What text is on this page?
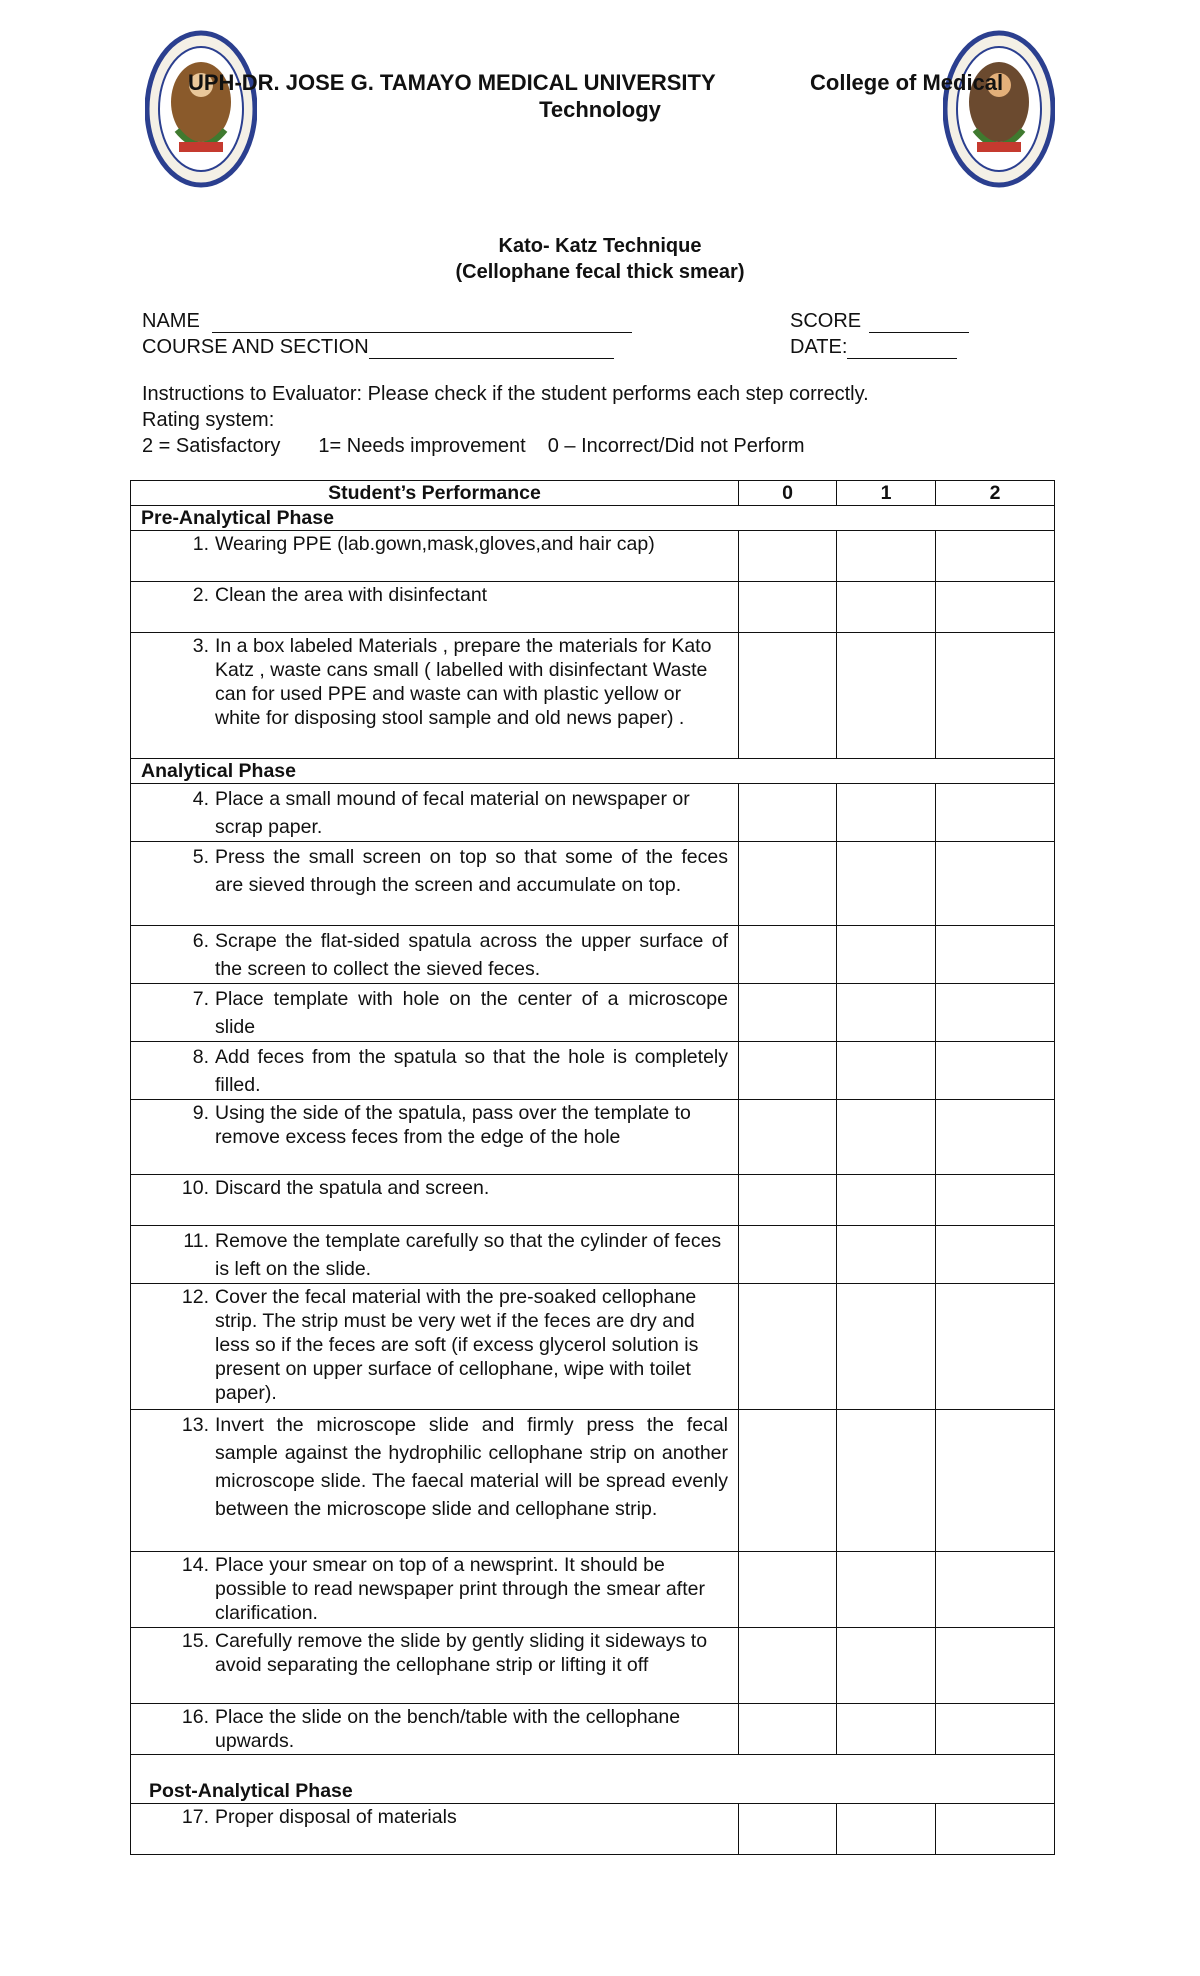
UPH-DR. JOSE G. TAMAYO MEDICAL UNIVERSITY	College of Medical
Technology
Kato- Katz Technique
(Cellophane fecal thick smear)
NAME	SCORE
COURSE AND SECTION	DATE:
Instructions to Evaluator: Please check if the student performs each step correctly.
Rating system:
2 = Satisfactory 1= Needs improvement 0 – Incorrect/Did not Perform
Student’s Performance	0	1	2
Pre-Analytical Phase			

1. Wearing PPE (lab.gown,mask,gloves,and hair cap)			

2. Clean the area with disinfectant			

3. In a box labeled Materials , prepare the materials for Kato Katz , waste cans small ( labelled with disinfectant Waste can for used PPE and waste can with plastic yellow or white for disposing stool sample and old news paper) .			

Analytical Phase			

4. Place a small mound of fecal material on newspaper or scrap paper.			

5. Press the small screen on top so that some of the feces are sieved through the screen and accumulate on top.			

6. Scrape the flat-sided spatula across the upper surface of the screen to collect the sieved feces.			

7. Place template with hole on the center of a microscope slide			

8. Add feces from the spatula so that the hole is completely filled.			

9. Using the side of the spatula, pass over the template to remove excess feces from the edge of the hole			

10. Discard the spatula and screen.			

11. Remove the template carefully so that the cylinder of feces is left on the slide.			

12. Cover the fecal material with the pre-soaked cellophane strip. The strip must be very wet if the feces are dry and less so if the feces are soft (if excess glycerol solution is present on upper surface of cellophane, wipe with toilet paper).			

13. Invert the microscope slide and firmly press the fecal sample against the hydrophilic cellophane strip on another microscope slide. The faecal material will be spread evenly between the microscope slide and cellophane strip.			

14. Place your smear on top of a newsprint. It should be possible to read newspaper print through the smear after clarification.			

15. Carefully remove the slide by gently sliding it sideways to avoid separating the cellophane strip or lifting it off			

16. Place the slide on the bench/table with the cellophane upwards.			

Post-Analytical Phase			

17. Proper disposal of materials			
